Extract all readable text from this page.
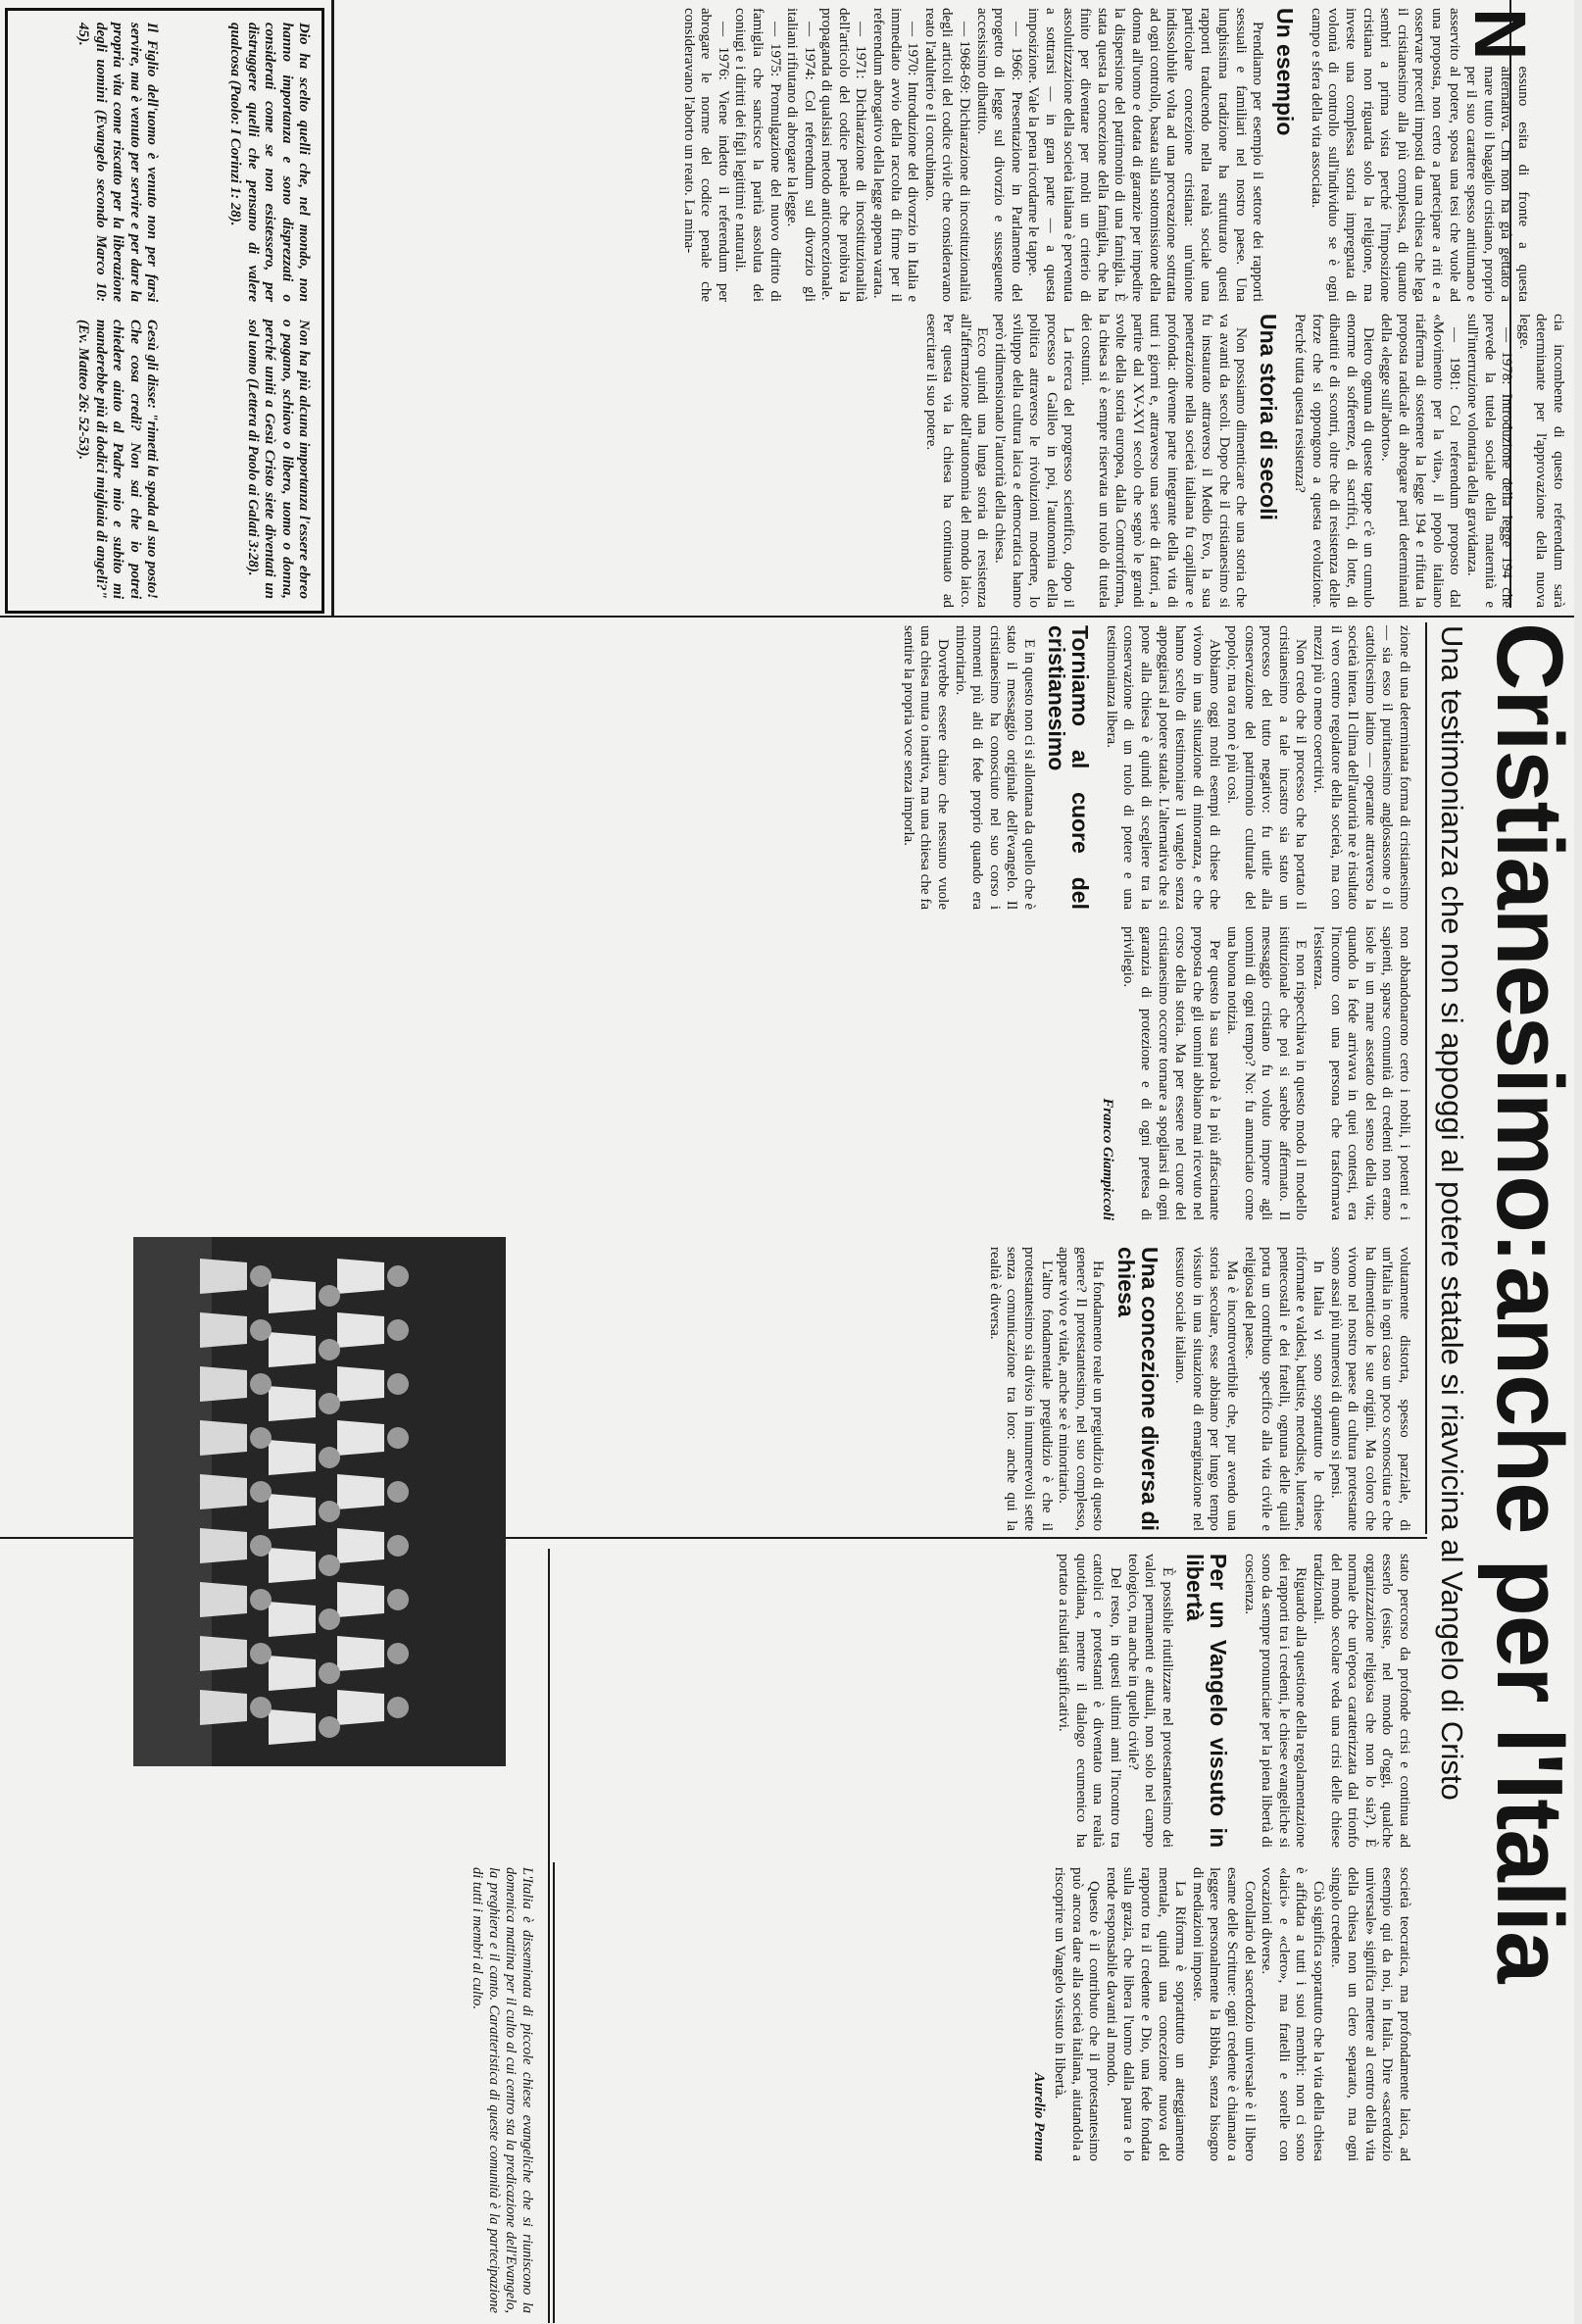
Cristianesimo:
anche per l'Italia
Una testimonianza che non si appoggi al potere statale si riavvicina al Vangelo di Cristo

N
essuno esita di fronte a questa alternativa. Chi non ha già gettato a mare tutto il bagaglio cristiano, proprio per il suo carattere spesso antiumano e asservito al potere, sposa una tesi che vuole ad una proposta, non certo a partecipare a riti e a osservare precetti imposti da una chiesa che lega il cristianesimo alla più complessa, di quanto sembri a prima vista perché l'imposizione cristiana non riguarda solo la religione, ma investe una complessa storia impregnata di volontà di controllo sull'individuo se è ogni campo e sfera della vita associata.

Un esempio

Prendiamo per esempio il settore dei rapporti sessuali e familiari nel nostro paese. Una lunghissima tradizione ha strutturato questi rapporti traducendo nella realtà sociale una particolare concezione cristiana: un'unione indissolubile volta ad una procreazione sottratta ad ogni controllo, basata sulla sottomissione della donna all'uomo e dotata di garanzie per impedire la dispersione del patrimonio di una famiglia. È stata questa la concezione della famiglia, che ha finito per diventare per molti un criterio di assolutizzazione della società italiana è pervenuta a sottrarsi — in gran parte — a questa imposizione. Vale la pena ricordarne le tappe.

— 1966: Presentazione in Parlamento del progetto di legge sul divorzio e susseguente accesissimo dibattito.

— 1968-69: Dichiarazione di incostituzionalità degli articoli del codice civile che consideravano reato l'adulterio e il concubinato.

— 1970: Introduzione del divorzio in Italia e immediato avvio della raccolta di firme per il referendum abrogativo della legge appena varata.

— 1971: Dichiarazione di incostituzionalità dell'articolo del codice penale che proibiva la propaganda di qualsiasi metodo anticoncezionale.

— 1974: Col referendum sul divorzio gli italiani rifiutano di abrogare la legge.

— 1975: Promulgazione del nuovo diritto di famiglia che sancisce la parità assoluta dei coniugi e i diritti dei figli legittimi e naturali.

— 1976: Viene indetto il referendum per abrogare le norme del codice penale che consideravano l'aborto un reato. La mina-

cia incombente di questo referendum sarà determinante per l'approvazione della nuova legge.

— 1978: Introduzione della legge 194 che prevede la tutela sociale della maternità e sull'interruzione volontaria della gravidanza.

— 1981: Col referendum proposto dal «Movimento per la vita», il popolo italiano riafferma di sostenere la legge 194 e rifiuta la proposta radicale di abrogare parti determinanti della «legge sull'aborto».

Dietro ognuna di queste tappe c'è un cumulo enorme di sofferenze, di sacrifici, di lotte, di dibattiti e di scontri, oltre che di resistenza delle forze che si oppongono a questa evoluzione. Perché tutta questa resistenza?

Una storia di secoli

Non possiamo dimenticare che una storia che va avanti da secoli. Dopo che il cristianesimo si fu instaurato attraverso il Medio Evo, la sua penetrazione nella società italiana fu capillare e profonda: divenne parte integrante della vita di tutti i giorni e, attraverso una serie di fattori, a partire dal XV-XVI secolo che segnò le grandi svolte della storia europea, dalla Controriforma, la chiesa si è sempre riservata un ruolo di tutela dei costumi.

La ricerca del progresso scientifico, dopo il processo a Galileo in poi, l'autonomia della politica attraverso le rivoluzioni moderne, lo sviluppo della cultura laica e democratica hanno però ridimensionato l'autorità della chiesa.

Ecco quindi una lunga storia di resistenza all'affermazione dell'autonomia del mondo laico. Per questa via la chiesa ha continuato ad esercitare il suo potere.

zione di una determinata forma di cristianesimo — sia esso il puritanesimo anglosassone o il cattolicesimo latino — operante attraverso la società intera. Il clima dell'autorità ne è risultato il vero centro regolatore della società, ma con mezzi più o meno coercitivi.

Non credo che il processo che ha portato il cristianesimo a tale incastro sia stato un processo del tutto negativo: fu utile alla conservazione del patrimonio culturale del popolo; ma ora non è più così.

Abbiamo oggi molti esempi di chiese che vivono in una situazione di minoranza, e che hanno scelto di testimoniare il vangelo senza appoggiarsi al potere statale. L'alternativa che si pone alla chiesa è quindi di scegliere tra la conservazione di un ruolo di potere e una testimonianza libera.

Torniamo al cuore del cristianesimo

E in questo non ci si allontana da quello che è stato il messaggio originale dell'evangelo. Il cristianesimo ha conosciuto nel suo corso i momenti più alti di fede proprio quando era minoritario.

Dovrebbe essere chiaro che nessuno vuole una chiesa muta o inattiva, ma una chiesa che fa sentire la propria voce senza imporla.

non abbandonarono certo i nobili, i potenti e i sapienti, sparse comunità di credenti non erano isole in un mare assetato del senso della vita; quando la fede arrivava in quei contesti, era l'incontro con una persona che trasformava l'esistenza.

E non rispecchiava in questo modo il modello istituzionale che poi si sarebbe affermato. Il messaggio cristiano fu voluto imporre agli uomini di ogni tempo? No: fu annunciato come una buona notizia.

Per questo la sua parola è la più affascinante proposta che gli uomini abbiano mai ricevuto nel corso della storia. Ma per essere nel cuore del cristianesimo occorre tornare a spogliarsi di ogni garanzia di protezione e di ogni pretesa di privilegio.

Franco Giampiccoli

volutamente distorta, spesso parziale, di un'Italia in ogni caso un poco sconosciuta e che ha dimenticato le sue origini. Ma coloro che vivono nel nostro paese di cultura protestante sono assai più numerosi di quanto si pensi.

In Italia vi sono soprattutto le chiese riformate e valdesi, battiste, metodiste, luterane, pentecostali e dei fratelli, ognuna delle quali porta un contributo specifico alla vita civile e religiosa del paese.

Ma è incontrovertibile che, pur avendo una storia secolare, esse abbiano per lungo tempo vissuto in una situazione di emarginazione nel tessuto sociale italiano.

Una concezione diversa di chiesa

Ha fondamento reale un pregiudizio di questo genere? Il protestantesimo, nel suo complesso, appare vivo e vitale, anche se è minoritario.

L'altro fondamentale pregiudizio è che il protestantesimo sia diviso in innumerevoli sette senza comunicazione tra loro: anche qui la realtà è diversa.

stato percorso da profonde crisi e continua ad esserlo (esiste, nel mondo d'oggi, qualche organizzazione religiosa che non lo sia?). È normale che un'epoca caratterizzata dal trionfo del mondo secolare veda una crisi delle chiese tradizionali.

Riguardo alla questione della regolamentazione dei rapporti tra i credenti, le chiese evangeliche si sono da sempre pronunciate per la piena libertà di coscienza.

Per un Vangelo vissuto in libertà

È possibile riutilizzare nel protestantesimo dei valori permanenti e attuali, non solo nel campo teologico, ma anche in quello civile?

Del resto, in questi ultimi anni l'incontro tra cattolici e protestanti è diventato una realtà quotidiana, mentre il dialogo ecumenico ha portato a risultati significativi.

società teocratica, ma profondamente laica, ad esempio qui da noi, in Italia. Dire «sacerdozio universale» significa mettere al centro della vita della chiesa non un clero separato, ma ogni singolo credente.

Ciò significa soprattutto che la vita della chiesa è affidata a tutti i suoi membri: non ci sono «laici» e «clero», ma fratelli e sorelle con vocazioni diverse.

Corollario del sacerdozio universale è il libero esame delle Scritture: ogni credente è chiamato a leggere personalmente la Bibbia, senza bisogno di mediazioni imposte.

La Riforma è soprattutto un atteggiamento mentale, quindi una concezione nuova del rapporto tra il credente e Dio, una fede fondata sulla grazia, che libera l'uomo dalla paura e lo rende responsabile davanti al mondo.

Questo è il contributo che il protestantesimo può ancora dare alla società italiana, aiutandola a riscoprire un Vangelo vissuto in libertà.

Aurelio Penna
Dio ha scelto quelli che, nel mondo, non hanno importanza e sono disprezzati o considerati come se non esistessero, per distruggere quelli che pensano di valere qualcosa (Paolo: I Corinzi 1: 28).
Non ha più alcuna importanza l'essere ebreo o pagano, schiavo o libero, uomo o donna, perché uniti a Gesù Cristo siete diventati un sol uomo (Lettera di Paolo ai Galati 3:28).
Il Figlio dell'uomo è venuto non per farsi servire, ma è venuto per servire e per dare la propria vita come riscatto per la liberazione degli uomini (Evangelo secondo Marco 10: 45).
Gesù gli disse: "rimetti la spada al suo posto! Che cosa credi? Non sai che io potrei chiedere aiuto al Padre mio e subito mi manderebbe più di dodici migliaia di angeli?" (Ev. Matteo 26: 52-53).
L'Italia è disseminata di piccole chiese evangeliche che si riuniscono la domenica mattina per il culto al cui centro sta la predicazione dell'Evangelo, la preghiera e il canto. Caratteristica di queste comunità è la partecipazione di tutti i membri al culto.
